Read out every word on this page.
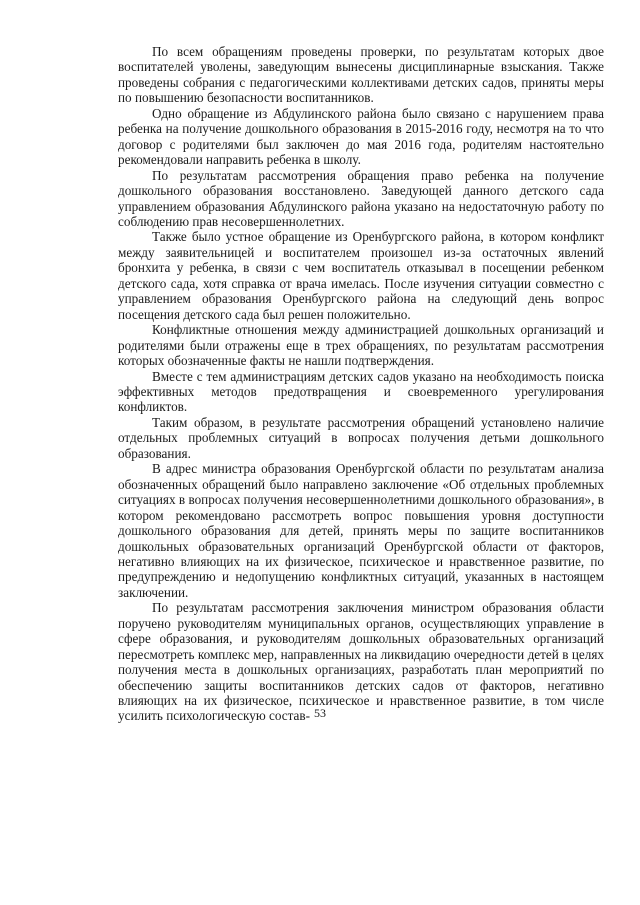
По всем обращениям проведены проверки, по результатам которых двое воспитателей уволены, заведующим вынесены дисциплинарные взыскания. Также проведены собрания с педагогическими коллективами детских садов, приняты меры по повышению безопасности воспитанников.

Одно обращение из Абдулинского района было связано с нарушением права ребенка на получение дошкольного образования в 2015-2016 году, несмотря на то что договор с родителями был заключен до мая 2016 года, родителям настоятельно рекомендовали направить ребенка в школу.

По результатам рассмотрения обращения право ребенка на получение дошкольного образования восстановлено. Заведующей данного детского сада управлением образования Абдулинского района указано на недостаточную работу по соблюдению прав несовершеннолетних.

Также было устное обращение из Оренбургского района, в котором конфликт между заявительницей и воспитателем произошел из-за остаточных явлений бронхита у ребенка, в связи с чем воспитатель отказывал в посещении ребенком детского сада, хотя справка от врача имелась. После изучения ситуации совместно с управлением образования Оренбургского района на следующий день вопрос посещения детского сада был решен положительно.

Конфликтные отношения между администрацией дошкольных организаций и родителями были отражены еще в трех обращениях, по результатам рассмотрения которых обозначенные факты не нашли подтверждения.

Вместе с тем администрациям детских садов указано на необходимость поиска эффективных методов предотвращения и своевременного урегулирования конфликтов.

Таким образом, в результате рассмотрения обращений установлено наличие отдельных проблемных ситуаций в вопросах получения детьми дошкольного образования.

В адрес министра образования Оренбургской области по результатам анализа обозначенных обращений было направлено заключение «Об отдельных проблемных ситуациях в вопросах получения несовершеннолетними дошкольного образования», в котором рекомендовано рассмотреть вопрос повышения уровня доступности дошкольного образования для детей, принять меры по защите воспитанников дошкольных образовательных организаций Оренбургской области от факторов, негативно влияющих на их физическое, психическое и нравственное развитие, по предупреждению и недопущению конфликтных ситуаций, указанных в настоящем заключении.

По результатам рассмотрения заключения министром образования области поручено руководителям муниципальных органов, осуществляющих управление в сфере образования, и руководителям дошкольных образовательных организаций пересмотреть комплекс мер, направленных на ликвидацию очередности детей в целях получения места в дошкольных организациях, разработать план мероприятий по обеспечению защиты воспитанников детских садов от факторов, негативно влияющих на их физическое, психическое и нравственное развитие, в том числе усилить психологическую состав- 53
